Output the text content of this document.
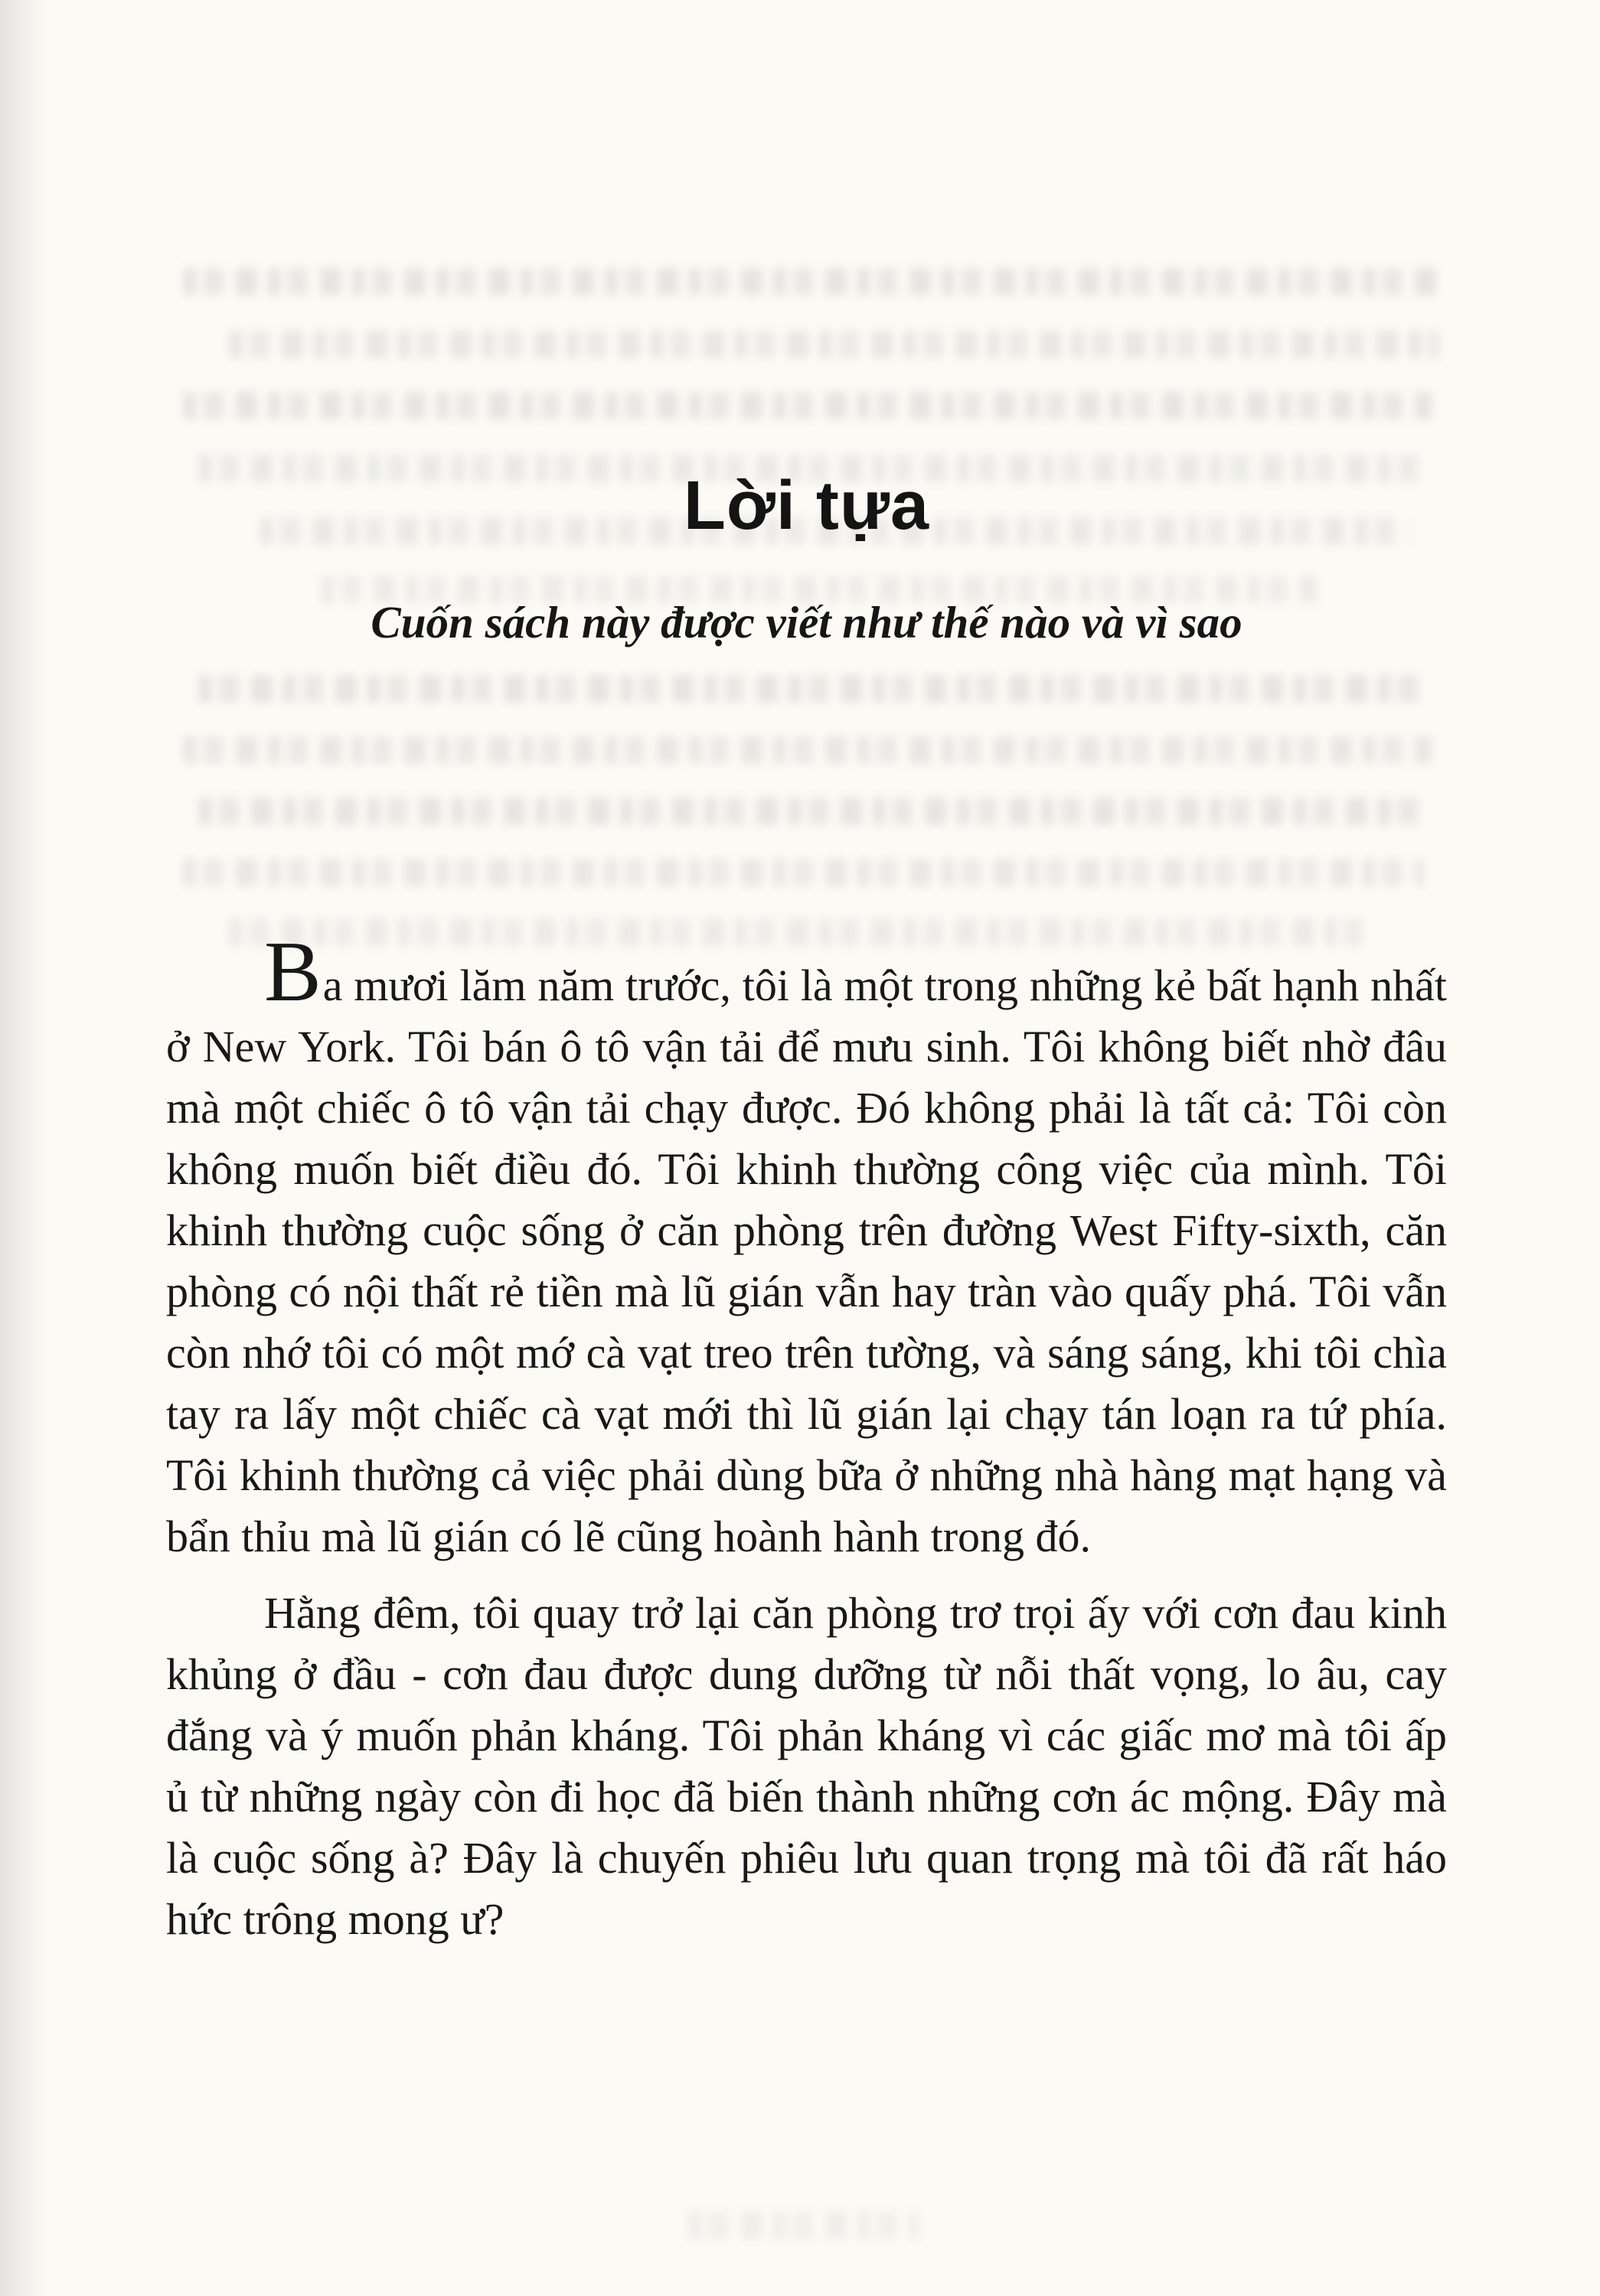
Lời tựa
Cuốn sách này được viết như thế nào và vì sao

Ba mươi lăm năm trước, tôi là một trong những kẻ bất hạnh nhất ở New York. Tôi bán ô tô vận tải để mưu sinh. Tôi không biết nhờ đâu mà một chiếc ô tô vận tải chạy được. Đó không phải là tất cả: Tôi còn không muốn biết điều đó. Tôi khinh thường công việc của mình. Tôi khinh thường cuộc sống ở căn phòng trên đường West Fifty-sixth, căn phòng có nội thất rẻ tiền mà lũ gián vẫn hay tràn vào quấy phá. Tôi vẫn còn nhớ tôi có một mớ cà vạt treo trên tường, và sáng sáng, khi tôi chìa tay ra lấy một chiếc cà vạt mới thì lũ gián lại chạy tán loạn ra tứ phía. Tôi khinh thường cả việc phải dùng bữa ở những nhà hàng mạt hạng và bẩn thỉu mà lũ gián có lẽ cũng hoành hành trong đó.

Hằng đêm, tôi quay trở lại căn phòng trơ trọi ấy với cơn đau kinh khủng ở đầu - cơn đau được dung dưỡng từ nỗi thất vọng, lo âu, cay đắng và ý muốn phản kháng. Tôi phản kháng vì các giấc mơ mà tôi ấp ủ từ những ngày còn đi học đã biến thành những cơn ác mộng. Đây mà là cuộc sống à? Đây là chuyến phiêu lưu quan trọng mà tôi đã rất háo hức trông mong ư?
